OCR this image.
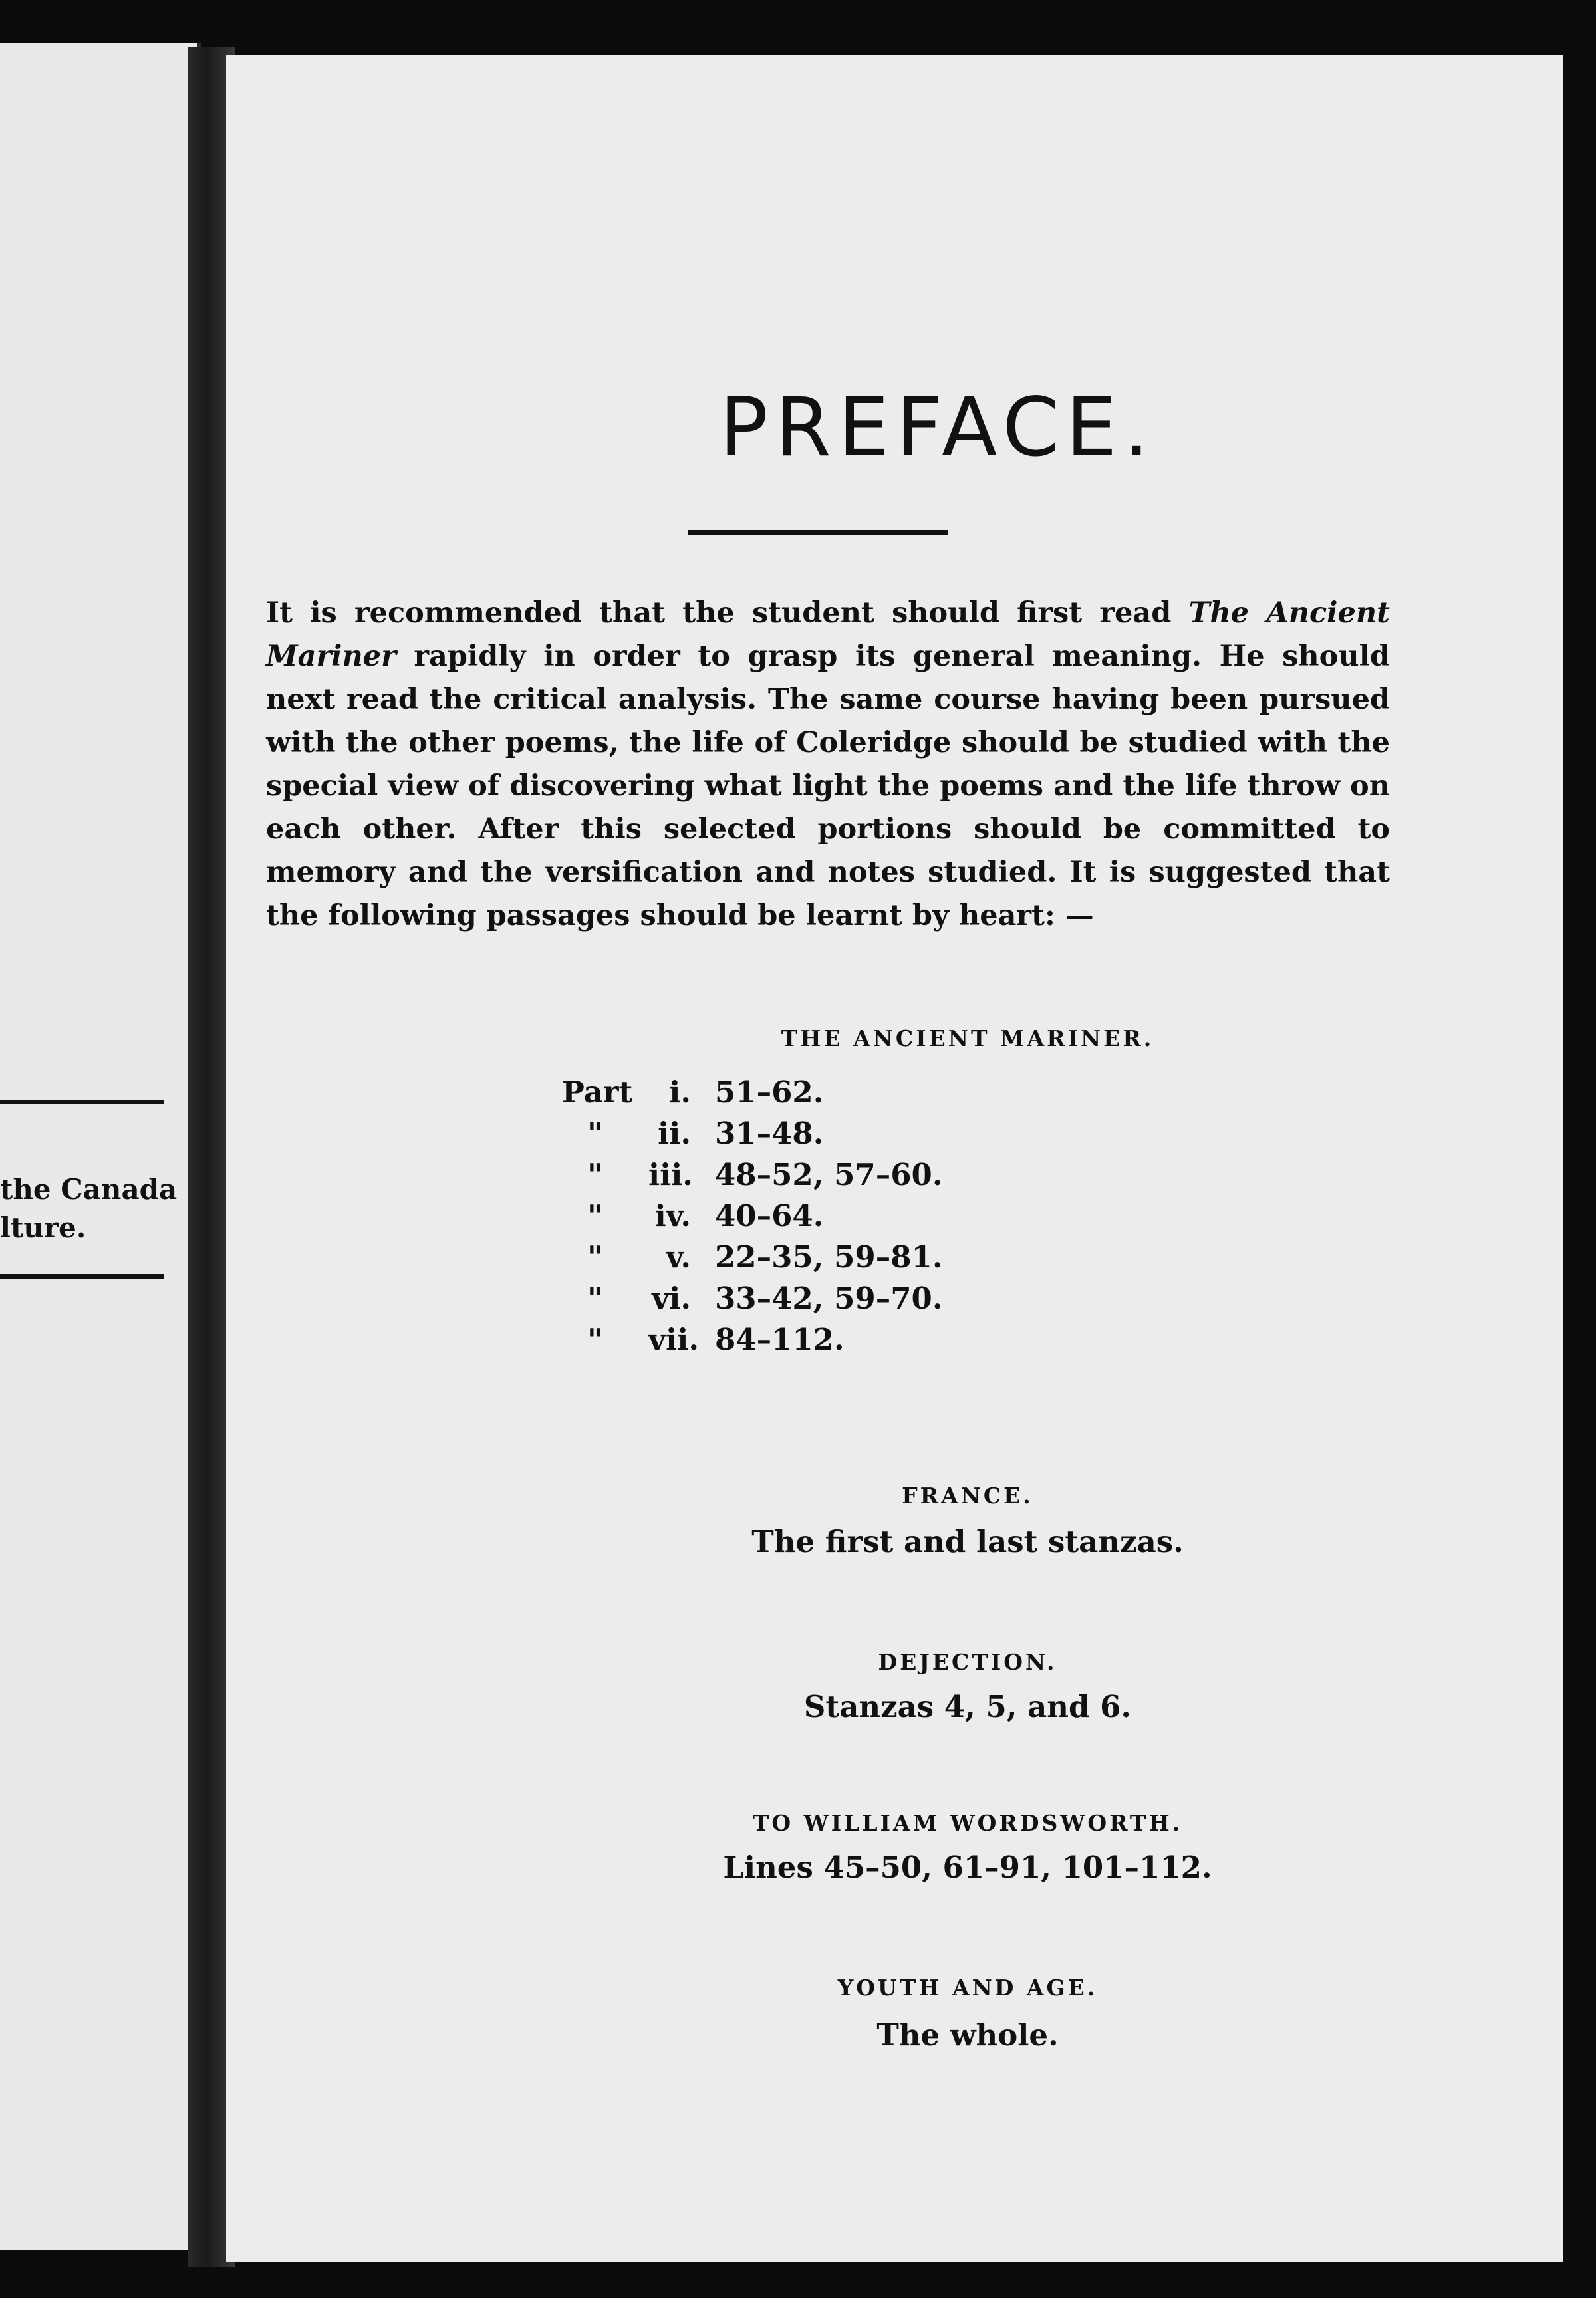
the Canada
lture.
PREFACE.

It is recommended that the student should first read The Ancient Mariner rapidly in order to grasp its general meaning. He should next read the critical analysis. The same course having been pursued with the other poems, the life of Coleridge should be studied with the special view of discovering what light the poems and the life throw on each other. After this selected portions should be committed to memory and the versification and notes studied. It is suggested that the following passages should be learnt by heart: —

THE ANCIENT MARINER.
Part	i. 51–62.
"	ii. 31–48.
"	iii. 48–52, 57–60.
"	iv. 40–64.
"	v. 22–35, 59–81.
"	vi. 33–42, 59–70.
"	vii. 84–112.
FRANCE.

The first and last stanzas.

DEJECTION.

Stanzas 4, 5, and 6.

TO WILLIAM WORDSWORTH.

Lines 45–50, 61–91, 101–112.

YOUTH AND AGE.

The whole.
